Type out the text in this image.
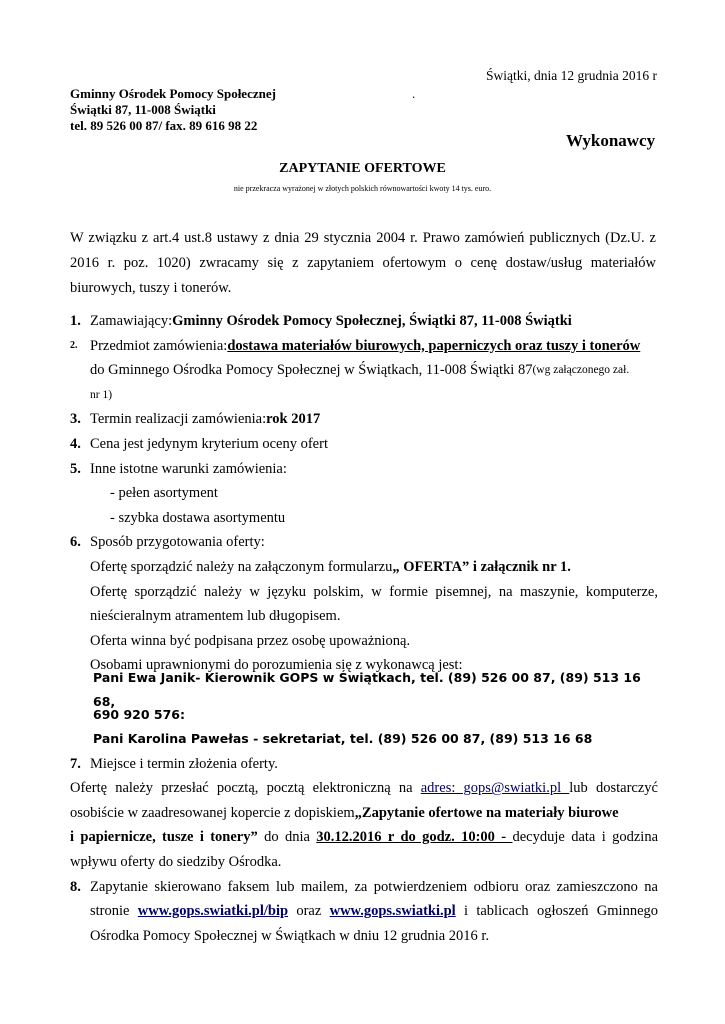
Świątki, dnia 12 grudnia 2016 r
Gminny Ośrodek Pomocy Społecznej
Świątki 87, 11-008 Świątki
tel. 89 526 00 87/ fax. 89 616 98 22
.
Wykonawcy
ZAPYTANIE OFERTOWE
nie przekracza wyrażonej w złotych polskich równowartości kwoty 14 tys. euro.
W związku z art.4 ust.8 ustawy z dnia 29 stycznia 2004 r. Prawo zamówień publicznych (Dz.U. z 2016 r. poz. 1020) zwracamy się z zapytaniem ofertowym o cenę dostaw/usług materiałów biurowych, tuszy i tonerów.
1. Zamawiający: Gminny Ośrodek Pomocy Społecznej, Świątki 87, 11-008 Świątki
2. Przedmiot zamówienia: dostawa materiałów biurowych, paperniczych oraz tuszy i tonerów
do Gminnego Ośrodka Pomocy Społecznej w Świątkach, 11-008 Świątki 87 (wg załączonego zał.
nr 1)
3. Termin realizacji zamówienia: rok 2017
4. Cena jest jedynym kryterium oceny ofert
5. Inne istotne warunki zamówienia:
- pełen asortyment
- szybka dostawa asortymentu
6. Sposób przygotowania oferty:
Ofertę sporządzić należy na załączonym formularzu „ OFERTA” i załącznik nr 1.
Ofertę sporządzić należy w języku polskim, w formie pisemnej, na maszynie, komputerze,
nieścieralnym atramentem lub długopisem.
Oferta winna być podpisana przez osobę upoważnioną.
Osobami uprawnionymi do porozumienia się z wykonawcą jest:
Pani Ewa Janik- Kierownik GOPS w Świątkach, tel. (89) 526 00 87, (89) 513 16 68,
690 920 576:
Pani Karolina Pawełas - sekretariat, tel. (89) 526 00 87, (89) 513 16 68
7. Miejsce i termin złożenia oferty.
Ofertę należy przesłać pocztą, pocztą elektroniczną na adres: gops@swiatki.pl lub dostarczyć
osobiście w zaadresowanej kopercie z dopiskiem „Zapytanie ofertowe na materiały biurowe
i papiernicze, tusze i tonery” do dnia 30.12.2016 r do godz. 10:00 - decyduje data i godzina
wpływu oferty do siedziby Ośrodka.
8. Zapytanie skierowano faksem lub mailem, za potwierdzeniem odbioru oraz zamieszczono na
stronie www.gops.swiatki.pl/bip oraz www.gops.swiatki.pl i tablicach ogłoszeń Gminnego
Ośrodka Pomocy Społecznej w Świątkach w dniu 12 grudnia 2016 r.
